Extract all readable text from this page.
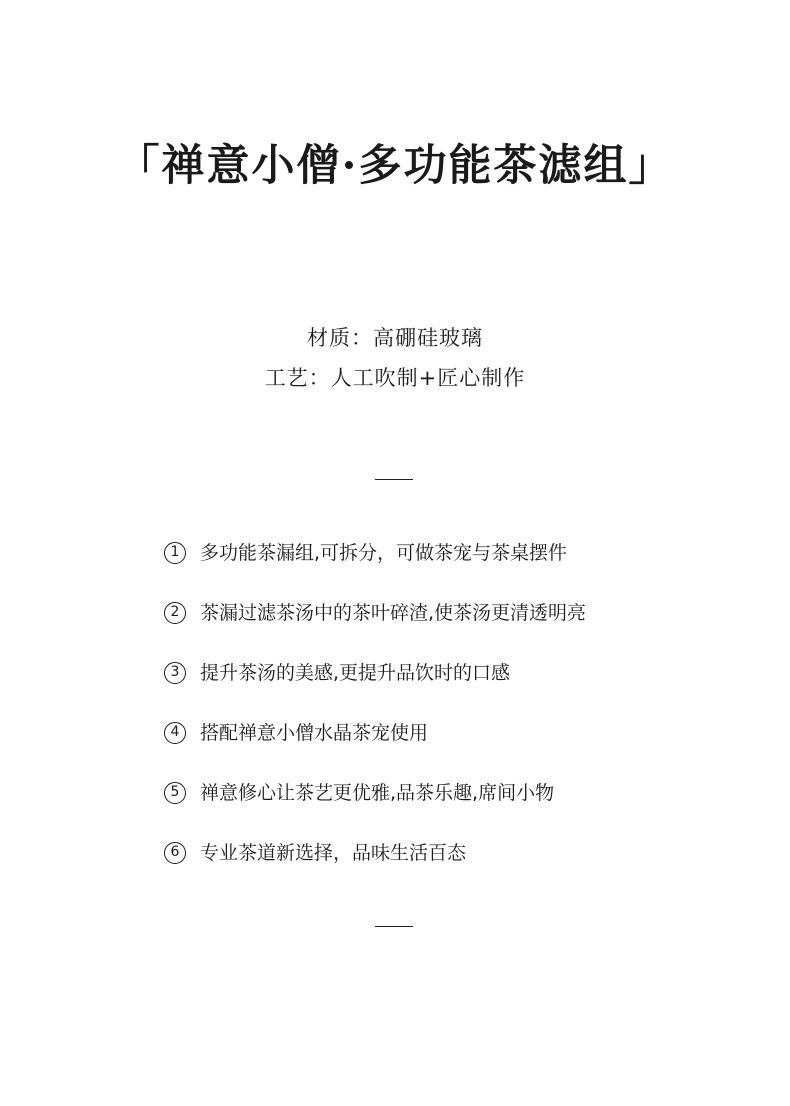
「禅意小僧·多功能茶滤组」
材质：高硼硅玻璃
工艺：人工吹制+匠心制作
1	多功能茶漏组,可拆分，可做茶宠与茶桌摆件
2	茶漏过滤茶汤中的茶叶碎渣,使茶汤更清透明亮
3	提升茶汤的美感,更提升品饮时的口感
4	搭配禅意小僧水晶茶宠使用
5	禅意修心让茶艺更优雅,品茶乐趣,席间小物
6	专业茶道新选择，品味生活百态
